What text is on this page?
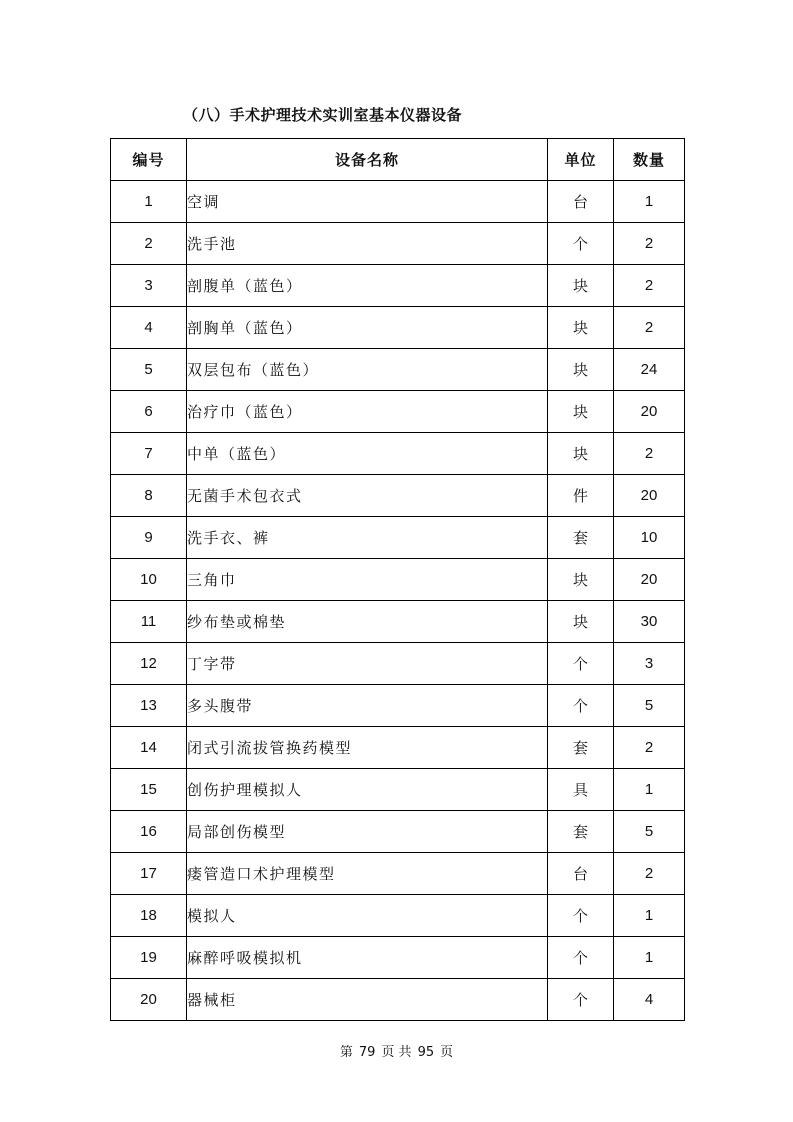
（八）手术护理技术实训室基本仪器设备
编号	设备名称	单位	数量
1	空调	台	1
2	洗手池	个	2
3	剖腹单（蓝色）	块	2
4	剖胸单（蓝色）	块	2
5	双层包布（蓝色）	块	24
6	治疗巾（蓝色）	块	20
7	中单（蓝色）	块	2
8	无菌手术包衣式	件	20
9	洗手衣、裤	套	10
10	三角巾	块	20
11	纱布垫或棉垫	块	30
12	丁字带	个	3
13	多头腹带	个	5
14	闭式引流拔管换药模型	套	2
15	创伤护理模拟人	具	1
16	局部创伤模型	套	5
17	瘘管造口术护理模型	台	2
18	模拟人	个	1
19	麻醉呼吸模拟机	个	1
20	器械柜	个	4
第 79 页 共 95 页
